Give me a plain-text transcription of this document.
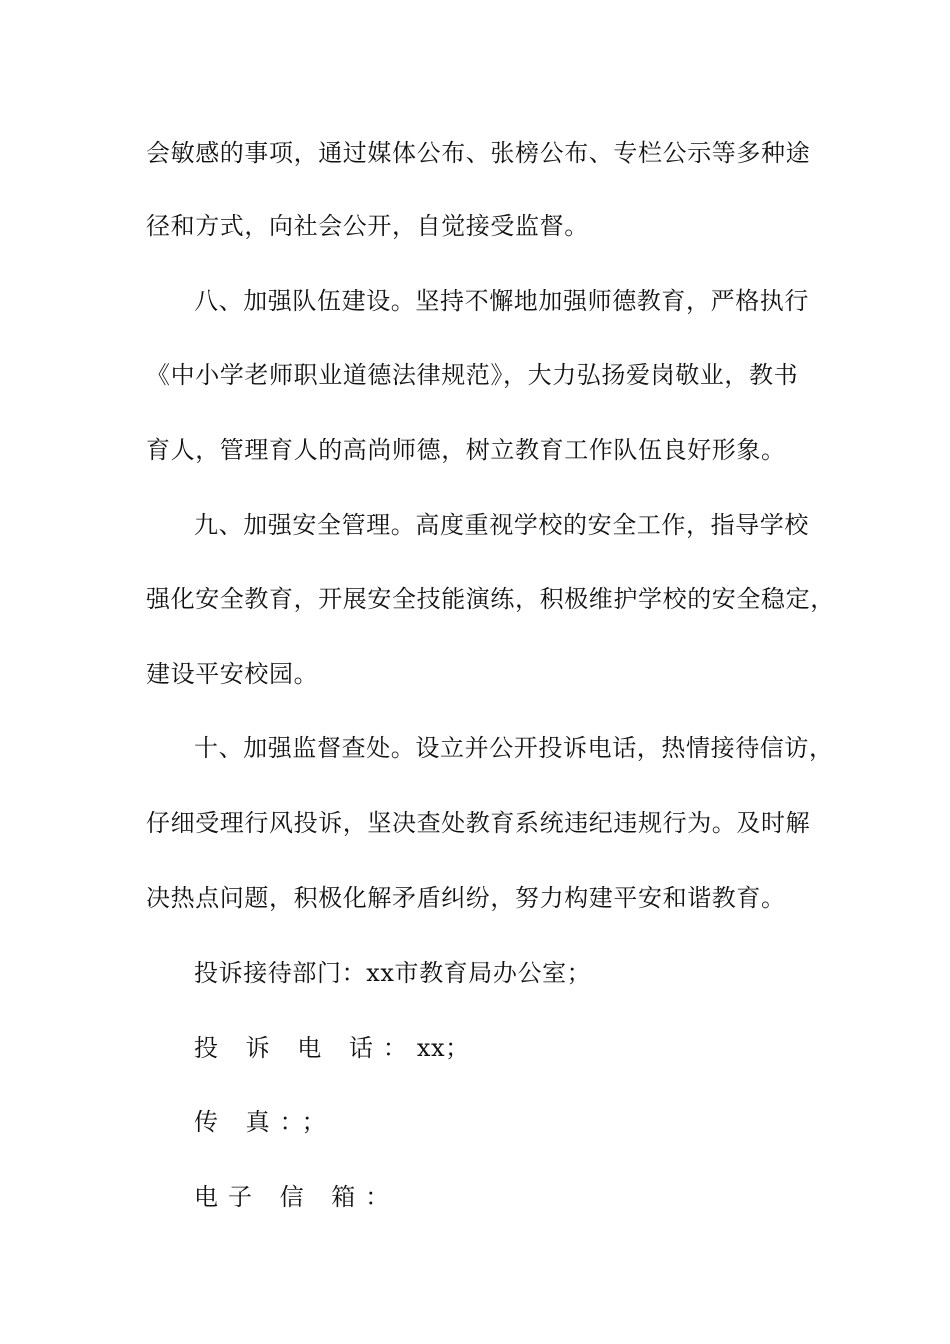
会敏感的事项，通过媒体公布、张榜公布、专栏公示等多种途
径和方式，向社会公开，自觉接受监督。
八、加强队伍建设。坚持不懈地加强师德教育，严格执行
《中小学老师职业道德法律规范》，大力弘扬爱岗敬业，教书
育人，管理育人的高尚师德，树立教育工作队伍良好形象。
九、加强安全管理。高度重视学校的安全工作，指导学校
强化安全教育，开展安全技能演练，积极维护学校的安全稳定，
建设平安校园。
十、加强监督查处。设立并公开投诉电话，热情接待信访，
仔细受理行风投诉，坚决查处教育系统违纪违规行为。及时解
决热点问题，积极化解矛盾纠纷，努力构建平安和谐教育。
投诉接待部门：xx市教育局办公室；
投 诉 电 话：xx；
传 真：；
电子 信 箱：
